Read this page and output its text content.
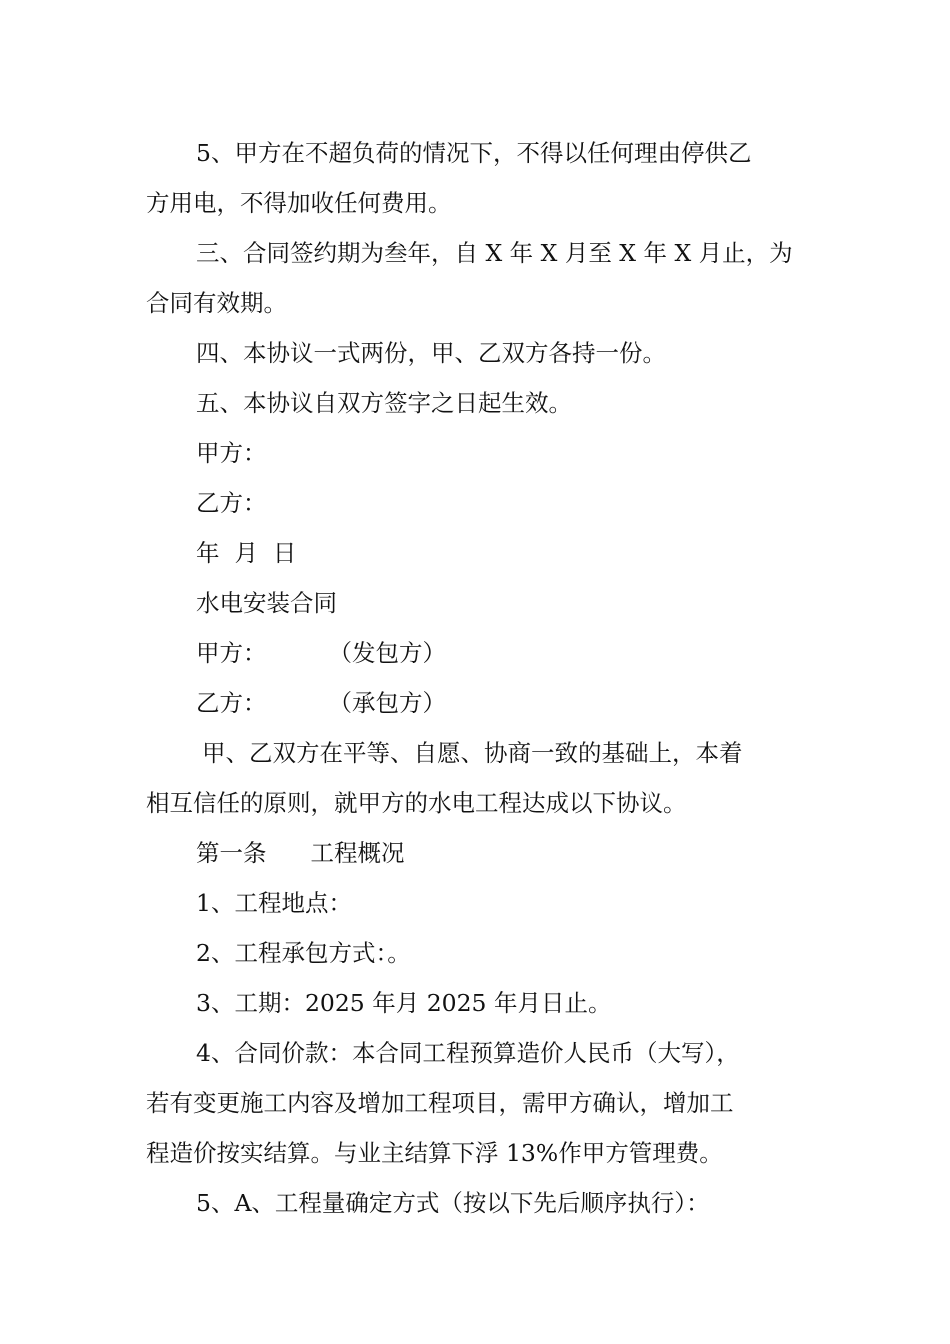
5、甲方在不超负荷的情况下，不得以任何理由停供乙

方用电，不得加收任何费用。

三、合同签约期为叁年，自 X 年 X 月至 X 年 X 月止，为

合同有效期。

四、本协议一式两份，甲、乙双方各持一份。

五、本协议自双方签字之日起生效。

甲方：

乙方：

年  月  日

水电安装合同

甲方：	（发包方）

乙方：	（承包方）

甲、乙双方在平等、自愿、协商一致的基础上，本着

相互信任的原则，就甲方的水电工程达成以下协议。

第一条 工程概况

1、工程地点：

2、工程承包方式：。

3、工期：2025 年月 2025 年月日止。

4、合同价款：本合同工程预算造价人民币（大写），

若有变更施工内容及增加工程项目，需甲方确认，增加工

程造价按实结算。与业主结算下浮 13%作甲方管理费。

5、A、工程量确定方式（按以下先后顺序执行）：
